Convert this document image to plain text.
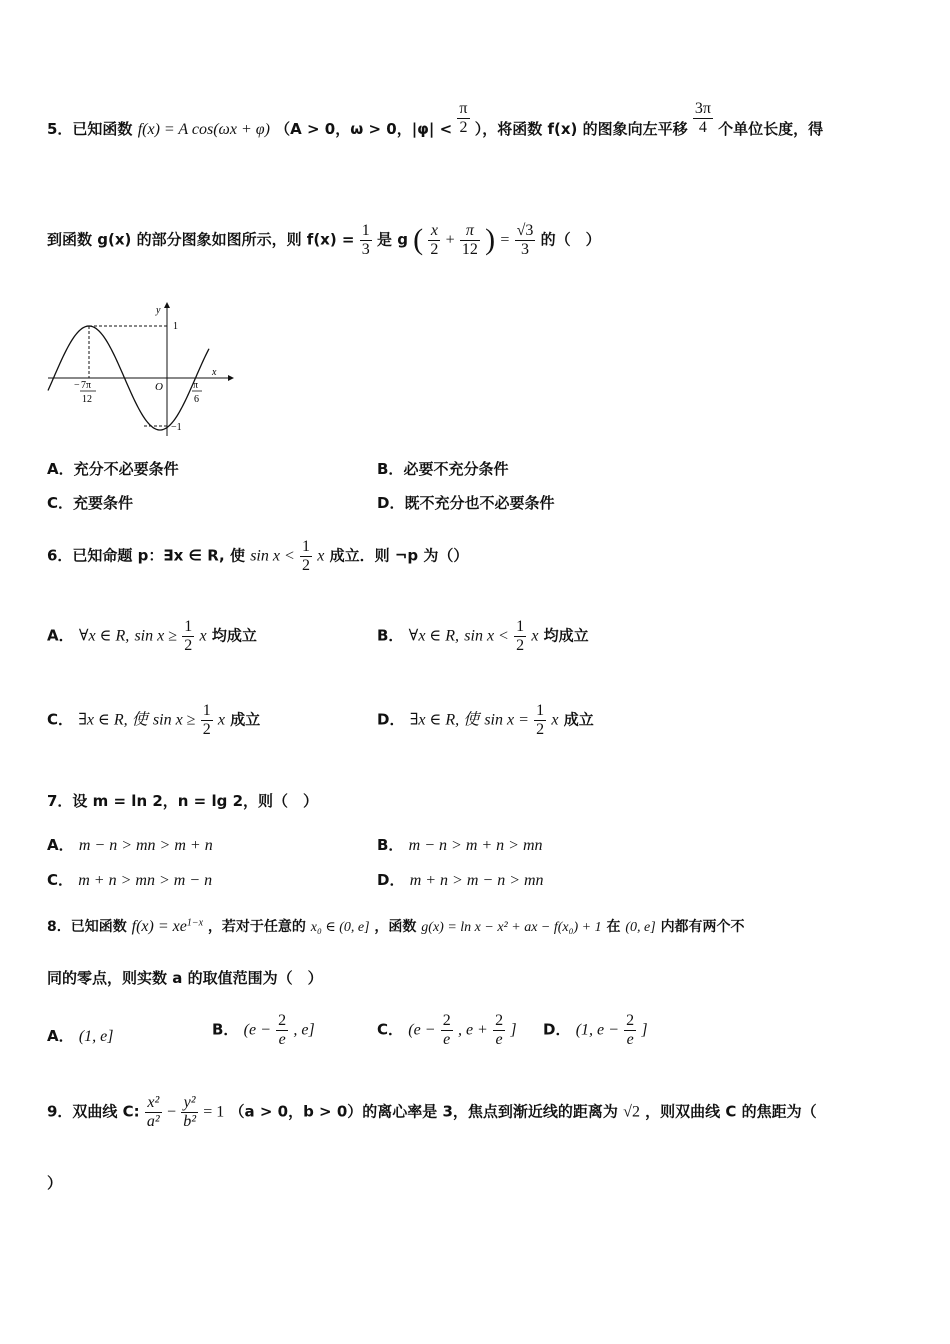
5．已知函数 f(x) = A cos(ωx + φ) （A > 0，ω > 0，$|\varphi| < \frac{\pi}{2}$ ），将函数 f(x) 的图象向左平移 $\frac{3\pi}{4}$ 个单位长度，得
到函数 g(x) 的部分图象如图所示，则 $f(x) = \frac{1}{3}$ 是 g ( $\frac{x}{2} + \frac{\pi}{12}$ ) = $\frac{√3}{3}$ 的（　）
y
x
O
1
−1
− 7π
12
π
6
A．充分不必要条件	B．必要不充分条件
C．充要条件	D．既不充分也不必要条件
6．已知命题 p：∃x ∈ R, 使 $\sin x < \frac{1}{2}$ x 成立．则 ¬p 为（）
A． ∀x ∈ R, $\sin x \ge \frac{1}{2}$ x 均成立	B． ∀x ∈ R, $\sin x < \frac{1}{2}$ x 均成立
C． ∃x ∈ R, 使 $\sin x \ge \frac{1}{2}$ x 成立	D． ∃x ∈ R, 使 $\sin x = \frac{1}{2}$ x 成立
7．设 m = ln 2，n = lg 2，则（　）
A． m − n > mn > m + n	B． m − n > m + n > mn
C． m + n > mn > m − n	D． m + n > m − n > mn
8．已知函数 $f(x) = xe^{1-x}$ ，若对于任意的 x₀ ∈ (0, e] ，函数 g(x) = ln x − x² + ax − f(x₀) + 1 在 (0, e] 内都有两个不
同的零点，则实数 a 的取值范围为（　）
A． (1, e]	B． ($e - \frac{2}{e}$ , e]	C． ($e - \frac{2}{e}$ , $e + \frac{2}{e}$ ] D． (1, $e - \frac{2}{e}$ ]
9．双曲线 C: $\frac{\text{x²}}{\text{a²}} - \frac{\text{y²}}{\text{b²}} = 1$ （a > 0，b > 0）的离心率是 3，焦点到渐近线的距离为 √2 ，则双曲线 C 的焦距为（
）
